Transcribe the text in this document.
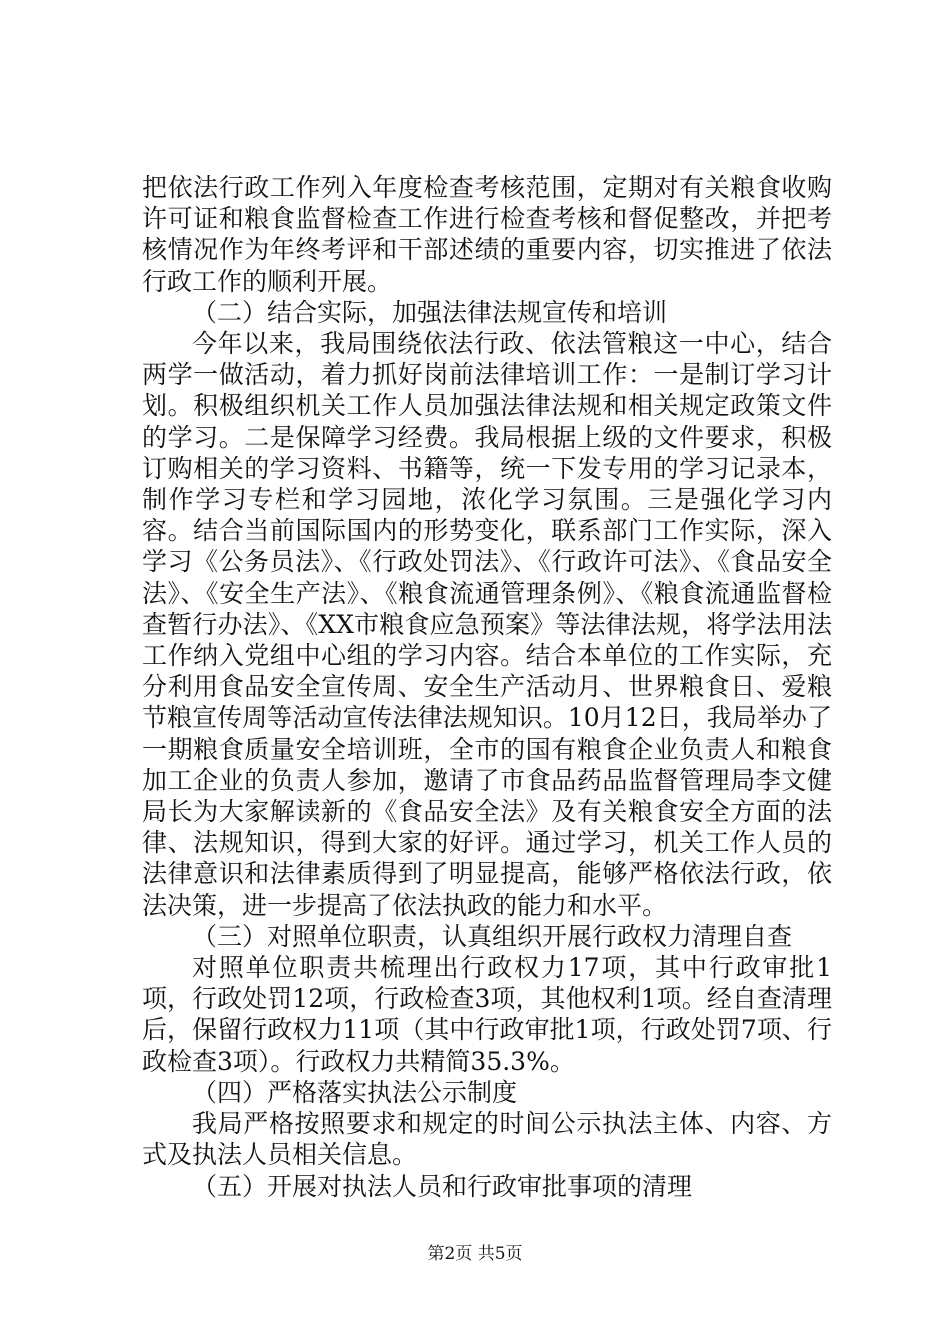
把依法行政工作列入年度检查考核范围，定期对有关粮食收购许可证和粮食监督检查工作进行检查考核和督促整改，并把考核情况作为年终考评和干部述绩的重要内容，切实推进了依法行政工作的顺利开展。

（二）结合实际，加强法律法规宣传和培训

今年以来，我局围绕依法行政、依法管粮这一中心，结合两学一做活动，着力抓好岗前法律培训工作：一是制订学习计划。积极组织机关工作人员加强法律法规和相关规定政策文件的学习。二是保障学习经费。我局根据上级的文件要求，积极订购相关的学习资料、书籍等，统一下发专用的学习记录本，制作学习专栏和学习园地，浓化学习氛围。三是强化学习内容。结合当前国际国内的形势变化，联系部门工作实际，深入学习《公务员法》、《行政处罚法》、《行政许可法》、《食品安全法》、《安全生产法》、《粮食流通管理条例》、《粮食流通监督检查暂行办法》、《XX市粮食应急预案》等法律法规，将学法用法工作纳入党组中心组的学习内容。结合本单位的工作实际，充分利用食品安全宣传周、安全生产活动月、世界粮食日、爱粮节粮宣传周等活动宣传法律法规知识。10月12日，我局举办了一期粮食质量安全培训班，全市的国有粮食企业负责人和粮食加工企业的负责人参加，邀请了市食品药品监督管理局李文健局长为大家解读新的《食品安全法》及有关粮食安全方面的法律、法规知识，得到大家的好评。通过学习，机关工作人员的法律意识和法律素质得到了明显提高，能够严格依法行政，依法决策，进一步提高了依法执政的能力和水平。

（三）对照单位职责，认真组织开展行政权力清理自查

对照单位职责共梳理出行政权力17项，其中行政审批1项，行政处罚12项，行政检查3项，其他权利1项。经自查清理后，保留行政权力11项（其中行政审批1项，行政处罚7项、行政检查3项）。行政权力共精简35.3%。

（四）严格落实执法公示制度

我局严格按照要求和规定的时间公示执法主体、内容、方式及执法人员相关信息。

（五）开展对执法人员和行政审批事项的清理

第2页 共5页
